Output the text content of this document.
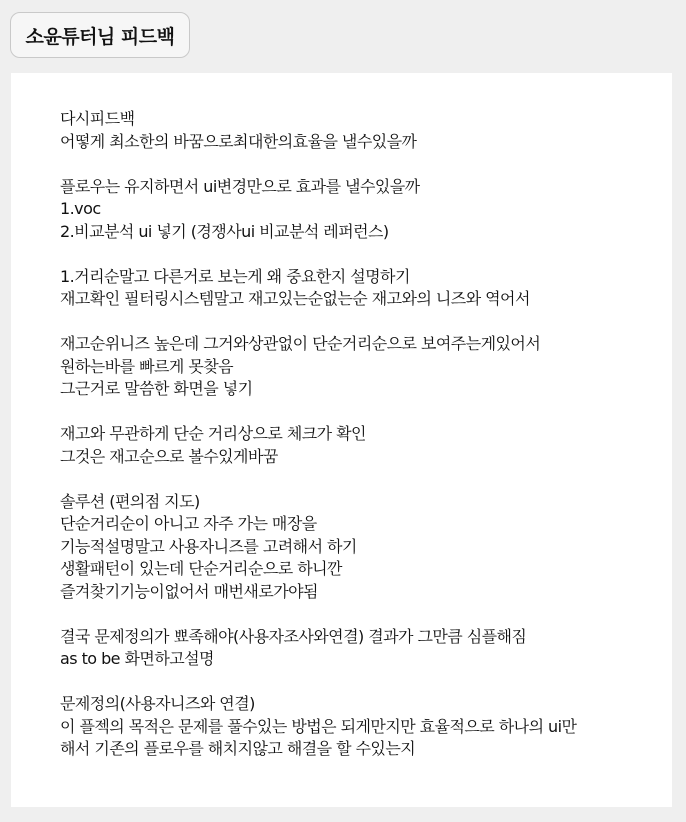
소윤튜터님 피드백
다시피드백
어떻게 최소한의 바꿈으로최대한의효율을 낼수있을까
플로우는 유지하면서 ui변경만으로 효과를 낼수있을까
1.voc
2.비교분석 ui 넣기 (경쟁사ui 비교분석 레퍼런스)
1.거리순말고 다른거로 보는게 왜 중요한지 설명하기
재고확인 필터링시스템말고 재고있는순없는순 재고와의 니즈와 역어서
재고순위니즈 높은데 그거와상관없이 단순거리순으로 보여주는게있어서
원하는바를 빠르게 못찾음
그근거로 말씀한 화면을 넣기
재고와 무관하게 단순 거리상으로 체크가 확인
그것은 재고순으로 볼수있게바꿈
솔루션 (편의점 지도)
단순거리순이 아니고 자주 가는 매장을
기능적설명말고 사용자니즈를 고려해서 하기
생활패턴이 있는데 단순거리순으로 하니깐
즐겨찾기기능이없어서 매번새로가야됨
결국 문제정의가 뾰족해야(사용자조사와연결) 결과가 그만큼 심플해짐
as to be 화면하고설명
문제정의(사용자니즈와 연결)
이 플젝의 목적은 문제를 풀수있는 방법은 되게만지만 효율적으로 하나의 ui만
해서 기존의 플로우를 해치지않고 해결을 할 수있는지
